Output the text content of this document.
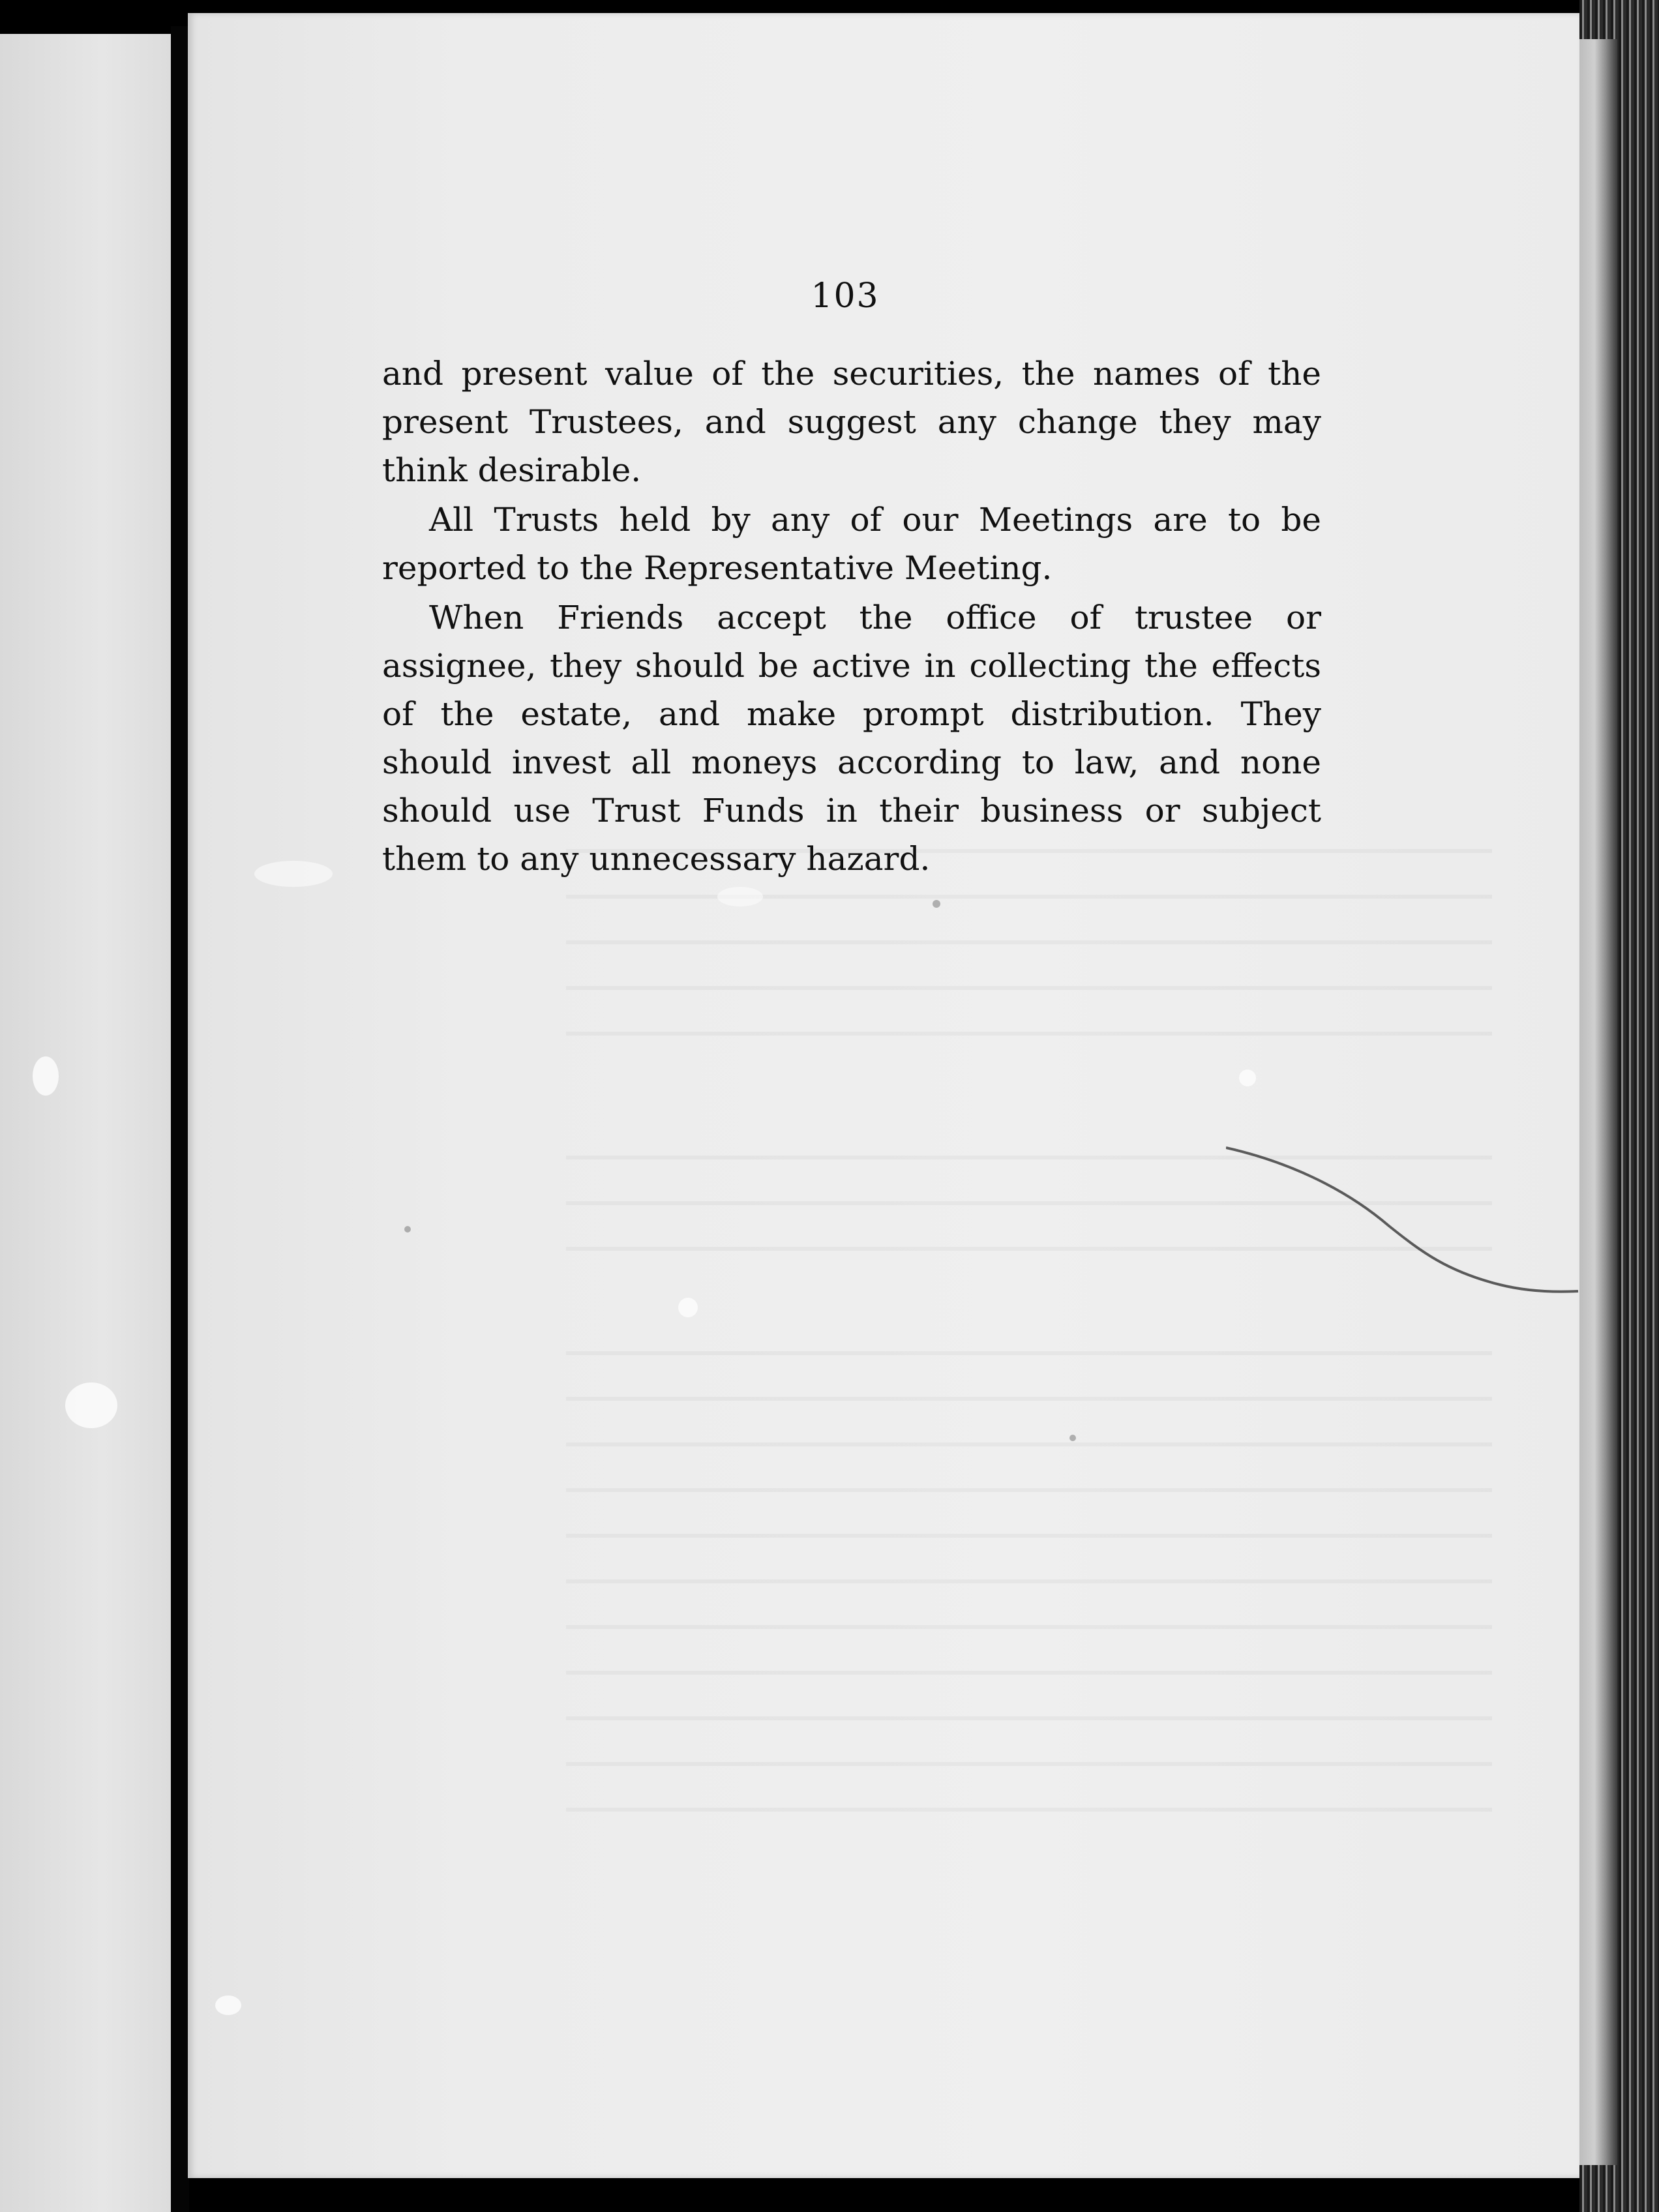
103

and present value of the securities, the names of the present Trustees, and suggest any change they may think desirable.

All Trusts held by any of our Meetings are to be reported to the Representative Meeting.

When Friends accept the office of trustee or assignee, they should be active in collecting the effects of the estate, and make prompt distribution. They should invest all moneys according to law, and none should use Trust Funds in their business or subject them to any unnecessary hazard.
